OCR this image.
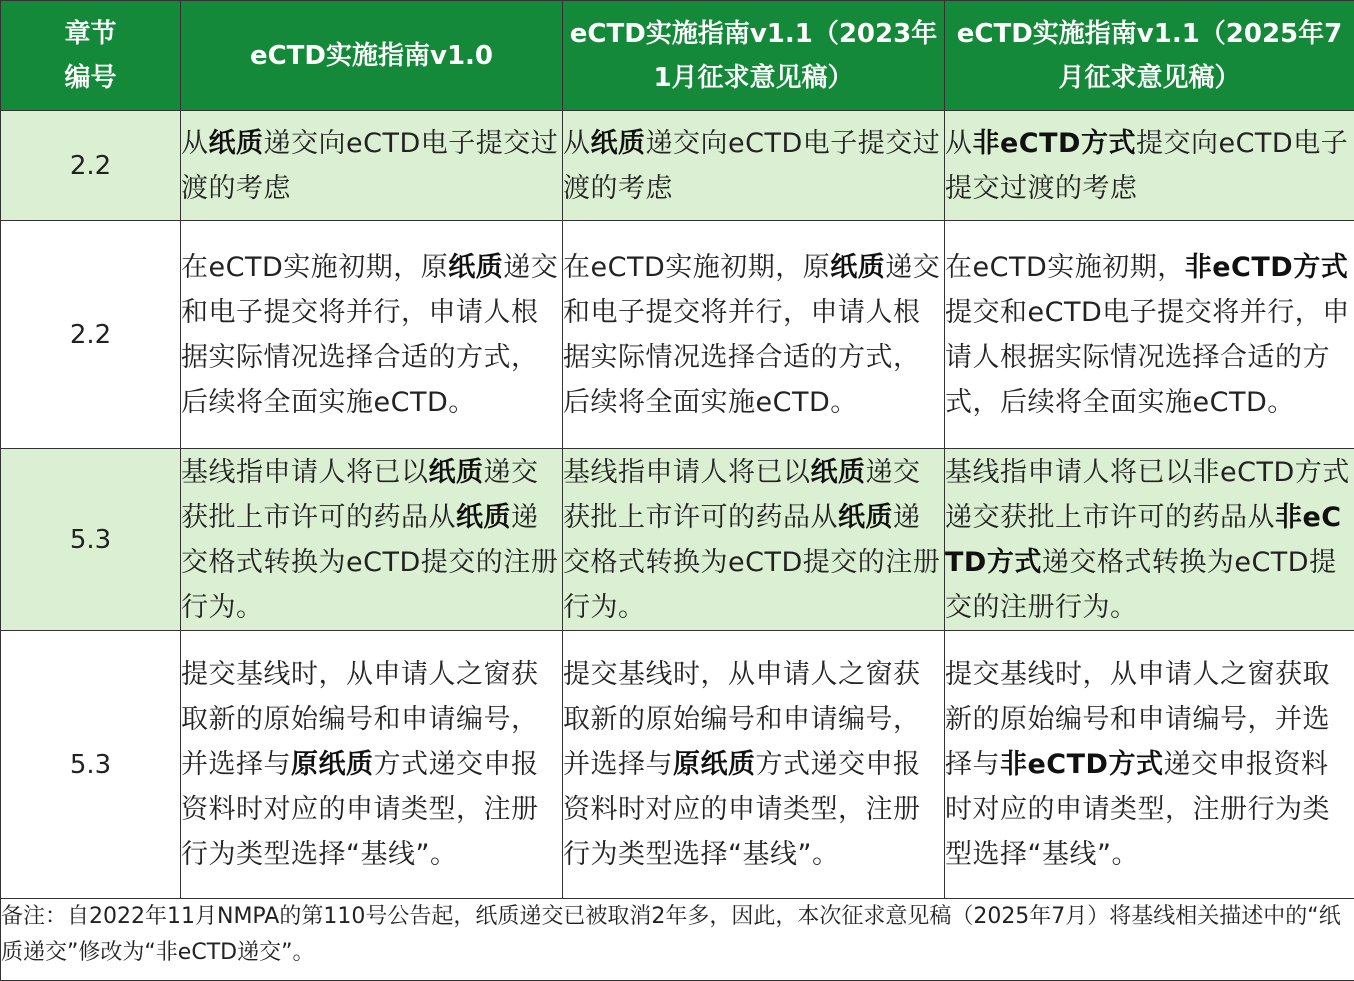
章节
编号	eCTD实施指南v1.0	eCTD实施指南v1.1（2023年1月征求意见稿）	eCTD实施指南v1.1（2025年7月征求意见稿）
2.2	从纸质递交向eCTD电子提交过渡的考虑	从纸质递交向eCTD电子提交过渡的考虑	从非eCTD方式提交向eCTD电子提交过渡的考虑
2.2	在eCTD实施初期，原纸质递交和电子提交将并行，申请人根据实际情况选择合适的方式，后续将全面实施eCTD。	在eCTD实施初期，原纸质递交和电子提交将并行，申请人根据实际情况选择合适的方式，后续将全面实施eCTD。	在eCTD实施初期，非eCTD方式提交和eCTD电子提交将并行，申请人根据实际情况选择合适的方式，后续将全面实施eCTD。
5.3	基线指申请人将已以纸质递交获批上市许可的药品从纸质递交格式转换为eCTD提交的注册行为。	基线指申请人将已以纸质递交获批上市许可的药品从纸质递交格式转换为eCTD提交的注册行为。	基线指申请人将已以非eCTD方式递交获批上市许可的药品从非eCTD方式递交格式转换为eCTD提交的注册行为。
5.3	提交基线时，从申请人之窗获取新的原始编号和申请编号，并选择与原纸质方式递交申报资料时对应的申请类型，注册行为类型选择“基线”。	提交基线时，从申请人之窗获取新的原始编号和申请编号，并选择与原纸质方式递交申报资料时对应的申请类型，注册行为类型选择“基线”。	提交基线时，从申请人之窗获取新的原始编号和申请编号，并选择与非eCTD方式递交申报资料时对应的申请类型，注册行为类型选择“基线”。
备注：自2022年11月NMPA的第110号公告起，纸质递交已被取消2年多，因此，本次征求意见稿（2025年7月）将基线相关描述中的“纸质递交”修改为“非eCTD递交”。			
